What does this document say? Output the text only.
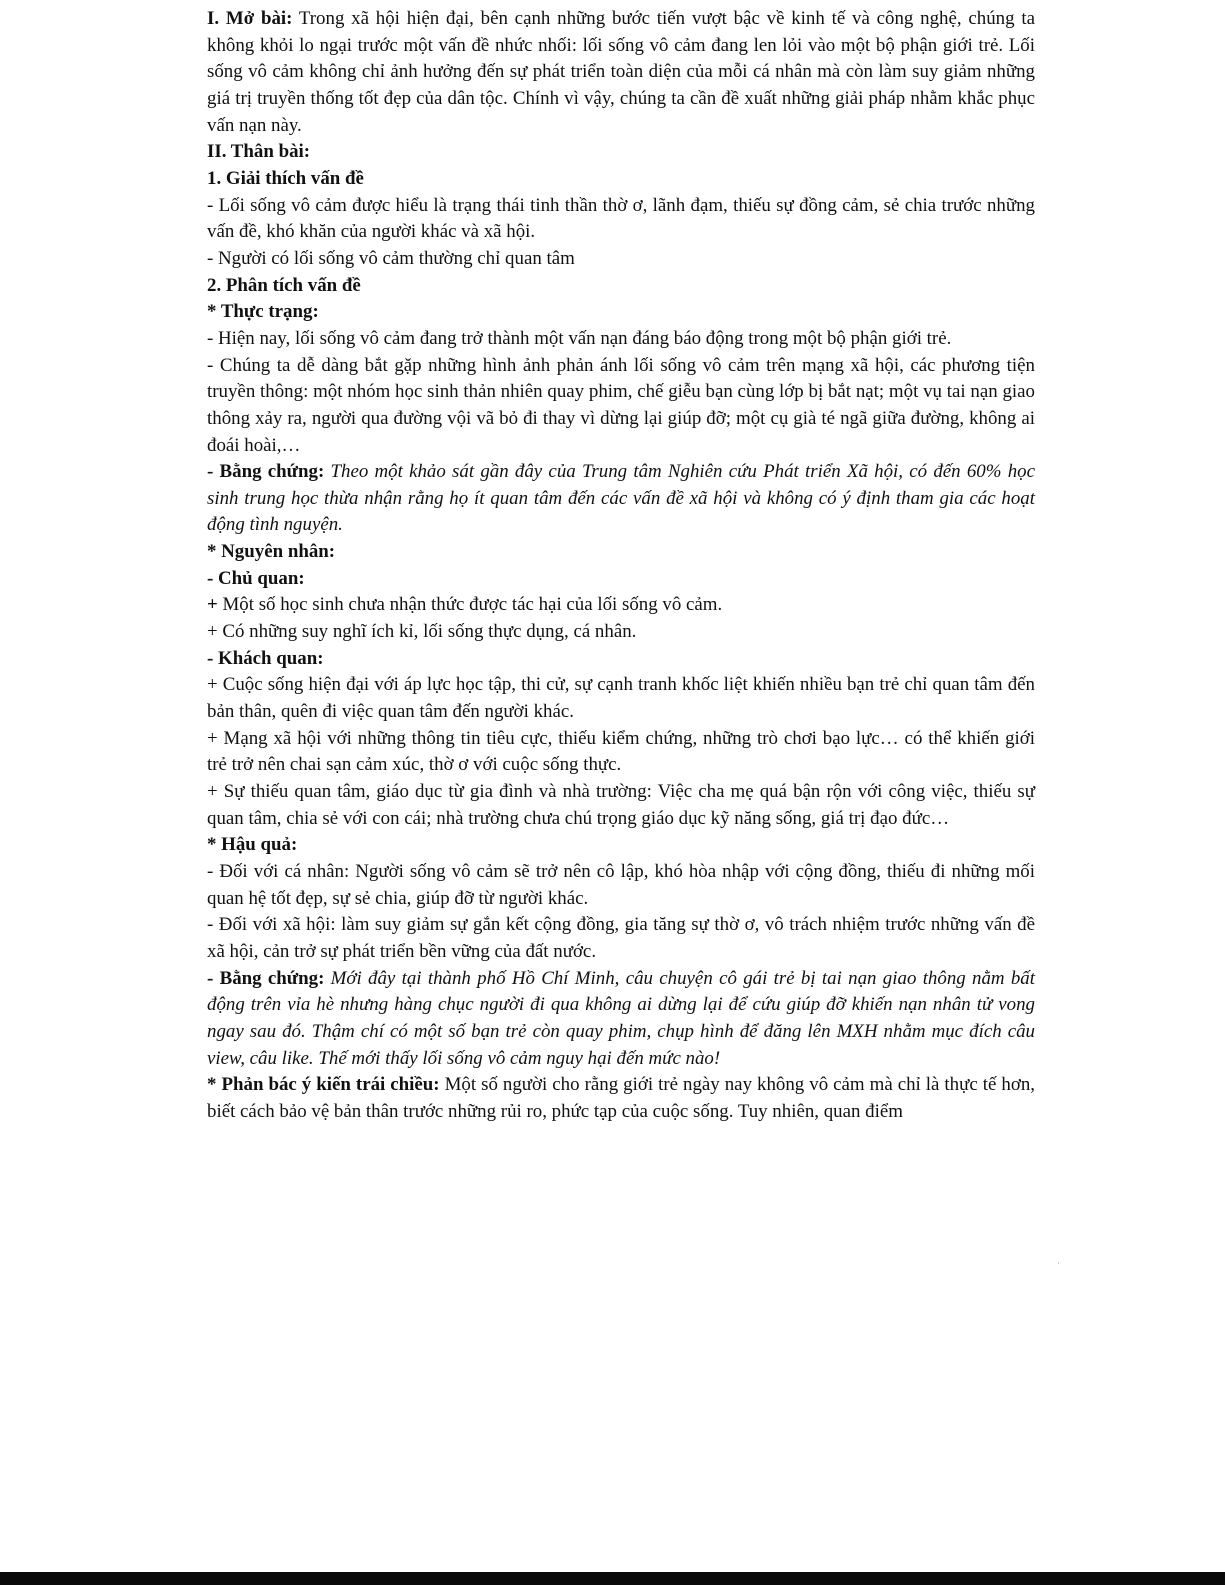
I. Mở bài: Trong xã hội hiện đại, bên cạnh những bước tiến vượt bậc về kinh tế và công nghệ, chúng ta không khỏi lo ngại trước một vấn đề nhức nhối: lối sống vô cảm đang len lỏi vào một bộ phận giới trẻ. Lối sống vô cảm không chỉ ảnh hưởng đến sự phát triển toàn diện của mỗi cá nhân mà còn làm suy giảm những giá trị truyền thống tốt đẹp của dân tộc. Chính vì vậy, chúng ta cần đề xuất những giải pháp nhằm khắc phục vấn nạn này.

II. Thân bài:

1. Giải thích vấn đề

- Lối sống vô cảm được hiểu là trạng thái tinh thần thờ ơ, lãnh đạm, thiếu sự đồng cảm, sẻ chia trước những vấn đề, khó khăn của người khác và xã hội.

- Người có lối sống vô cảm thường chỉ quan tâm

2. Phân tích vấn đề

* Thực trạng:

- Hiện nay, lối sống vô cảm đang trở thành một vấn nạn đáng báo động trong một bộ phận giới trẻ.

- Chúng ta dễ dàng bắt gặp những hình ảnh phản ánh lối sống vô cảm trên mạng xã hội, các phương tiện truyền thông: một nhóm học sinh thản nhiên quay phim, chế giễu bạn cùng lớp bị bắt nạt; một vụ tai nạn giao thông xảy ra, người qua đường vội vã bỏ đi thay vì dừng lại giúp đỡ; một cụ già té ngã giữa đường, không ai đoái hoài,…

- Bằng chứng: Theo một khảo sát gần đây của Trung tâm Nghiên cứu Phát triển Xã hội, có đến 60% học sinh trung học thừa nhận rằng họ ít quan tâm đến các vấn đề xã hội và không có ý định tham gia các hoạt động tình nguyện.

* Nguyên nhân:

- Chủ quan:

+ Một số học sinh chưa nhận thức được tác hại của lối sống vô cảm.

+ Có những suy nghĩ ích kỉ, lối sống thực dụng, cá nhân.

- Khách quan:

+ Cuộc sống hiện đại với áp lực học tập, thi cử, sự cạnh tranh khốc liệt khiến nhiều bạn trẻ chỉ quan tâm đến bản thân, quên đi việc quan tâm đến người khác.

+ Mạng xã hội với những thông tin tiêu cực, thiếu kiểm chứng, những trò chơi bạo lực… có thể khiến giới trẻ trở nên chai sạn cảm xúc, thờ ơ với cuộc sống thực.

+ Sự thiếu quan tâm, giáo dục từ gia đình và nhà trường: Việc cha mẹ quá bận rộn với công việc, thiếu sự quan tâm, chia sẻ với con cái; nhà trường chưa chú trọng giáo dục kỹ năng sống, giá trị đạo đức…

* Hậu quả:

- Đối với cá nhân: Người sống vô cảm sẽ trở nên cô lập, khó hòa nhập với cộng đồng, thiếu đi những mối quan hệ tốt đẹp, sự sẻ chia, giúp đỡ từ người khác.

- Đối với xã hội: làm suy giảm sự gắn kết cộng đồng, gia tăng sự thờ ơ, vô trách nhiệm trước những vấn đề xã hội, cản trở sự phát triển bền vững của đất nước.

- Bằng chứng: Mới đây tại thành phố Hồ Chí Minh, câu chuyện cô gái trẻ bị tai nạn giao thông nằm bất động trên vỉa hè nhưng hàng chục người đi qua không ai dừng lại để cứu giúp đỡ khiến nạn nhân tử vong ngay sau đó. Thậm chí có một số bạn trẻ còn quay phim, chụp hình để đăng lên MXH nhằm mục đích câu view, câu like. Thế mới thấy lối sống vô cảm nguy hại đến mức nào!

* Phản bác ý kiến trái chiều: Một số người cho rằng giới trẻ ngày nay không vô cảm mà chỉ là thực tế hơn, biết cách bảo vệ bản thân trước những rủi ro, phức tạp của cuộc sống. Tuy nhiên, quan điểm
